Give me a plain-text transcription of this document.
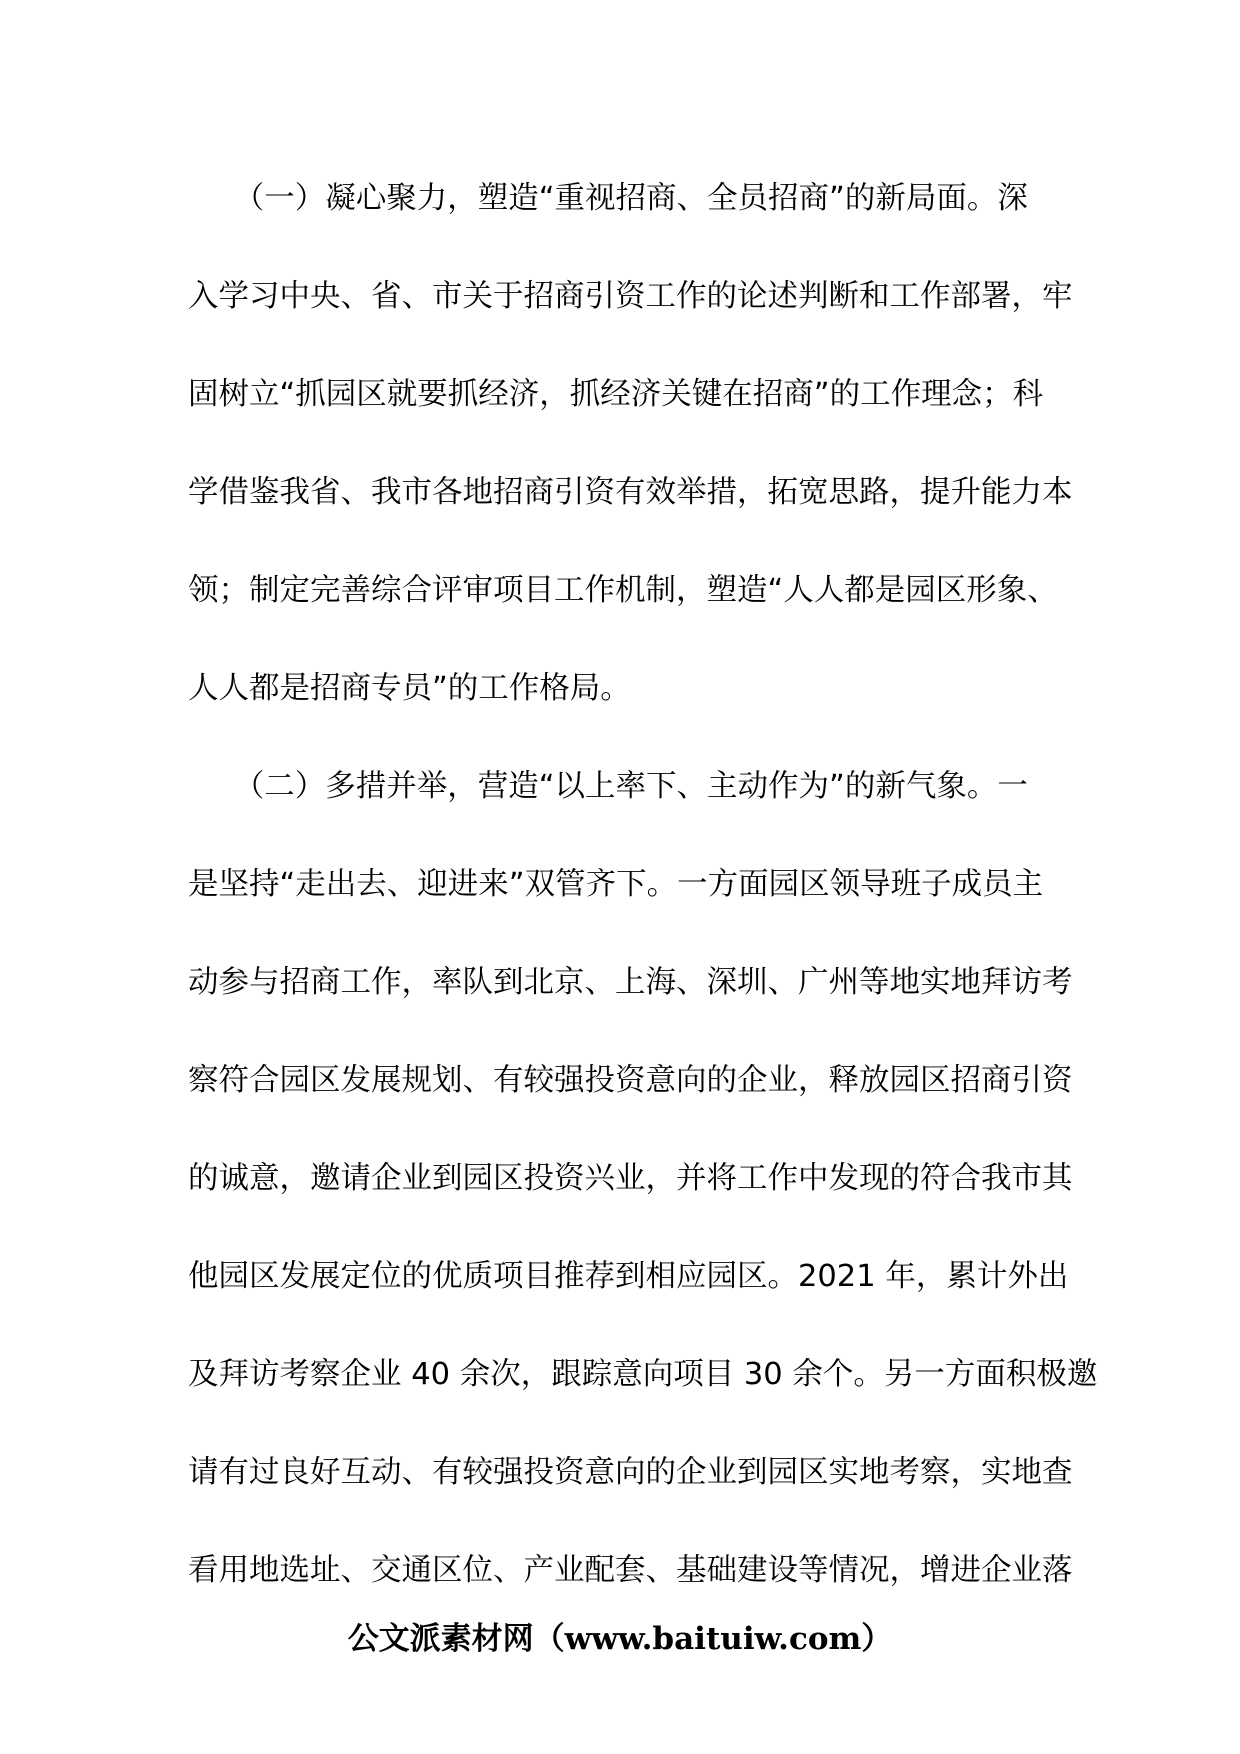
　　（一）凝心聚力，塑造“重视招商、全员招商”的新局面。深
入学习中央、省、市关于招商引资工作的论述判断和工作部署，牢
固树立“抓园区就要抓经济，抓经济关键在招商”的工作理念；科
学借鉴我省、我市各地招商引资有效举措，拓宽思路，提升能力本
领；制定完善综合评审项目工作机制，塑造“人人都是园区形象、
人人都是招商专员”的工作格局。
　　（二）多措并举，营造“以上率下、主动作为”的新气象。一
是坚持“走出去、迎进来”双管齐下。一方面园区领导班子成员主
动参与招商工作，率队到北京、上海、深圳、广州等地实地拜访考
察符合园区发展规划、有较强投资意向的企业，释放园区招商引资
的诚意，邀请企业到园区投资兴业，并将工作中发现的符合我市其
他园区发展定位的优质项目推荐到相应园区。2021 年，累计外出
及拜访考察企业 40 余次，跟踪意向项目 30 余个。另一方面积极邀
请有过良好互动、有较强投资意向的企业到园区实地考察，实地查
看用地选址、交通区位、产业配套、基础建设等情况，增进企业落
公文派素材网（www.baituiw.com）
